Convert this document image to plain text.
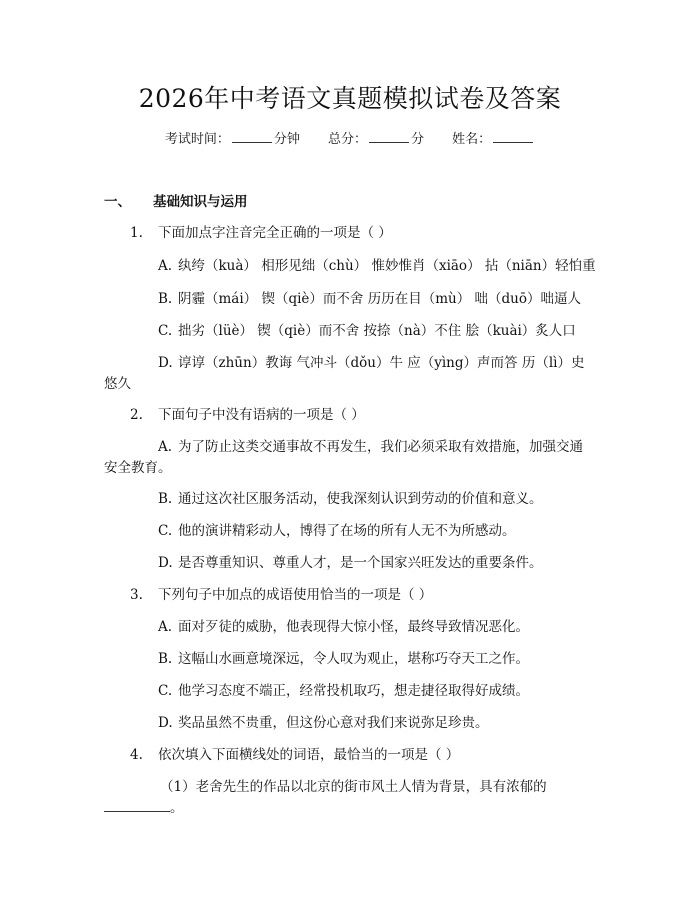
2026年中考语文真题模拟试卷及答案
考试时间：	分钟 总分：	分 姓名：
一、 基础知识与运用
1. 下面加点字注音完全正确的一项是（ ）
A. 纨绔（kuà） 相形见绌（chù） 惟妙惟肖（xiāo） 拈（niān）轻怕重
B. 阴霾（mái） 锲（qiè）而不舍 历历在目（mù） 咄（duō）咄逼人
C. 拙劣（lüè） 锲（qiè）而不舍 按捺（nà）不住 脍（kuài）炙人口
D. 谆谆（zhūn）教诲 气冲斗（dǒu）牛 应（yìng）声而答 历（lì）史
悠久
2. 下面句子中没有语病的一项是（ ）
A. 为了防止这类交通事故不再发生，我们必须采取有效措施，加强交通
安全教育。
B. 通过这次社区服务活动，使我深刻认识到劳动的价值和意义。
C. 他的演讲精彩动人，博得了在场的所有人无不为所感动。
D. 是否尊重知识、尊重人才，是一个国家兴旺发达的重要条件。
3. 下列句子中加点的成语使用恰当的一项是（ ）
A. 面对歹徒的威胁，他表现得大惊小怪，最终导致情况恶化。
B. 这幅山水画意境深远，令人叹为观止，堪称巧夺天工之作。
C. 他学习态度不端正，经常投机取巧，想走捷径取得好成绩。
D. 奖品虽然不贵重，但这份心意对我们来说弥足珍贵。
4. 依次填入下面横线处的词语，最恰当的一项是（ ）
（1）老舍先生的作品以北京的街市风土人情为背景，具有浓郁的
。
